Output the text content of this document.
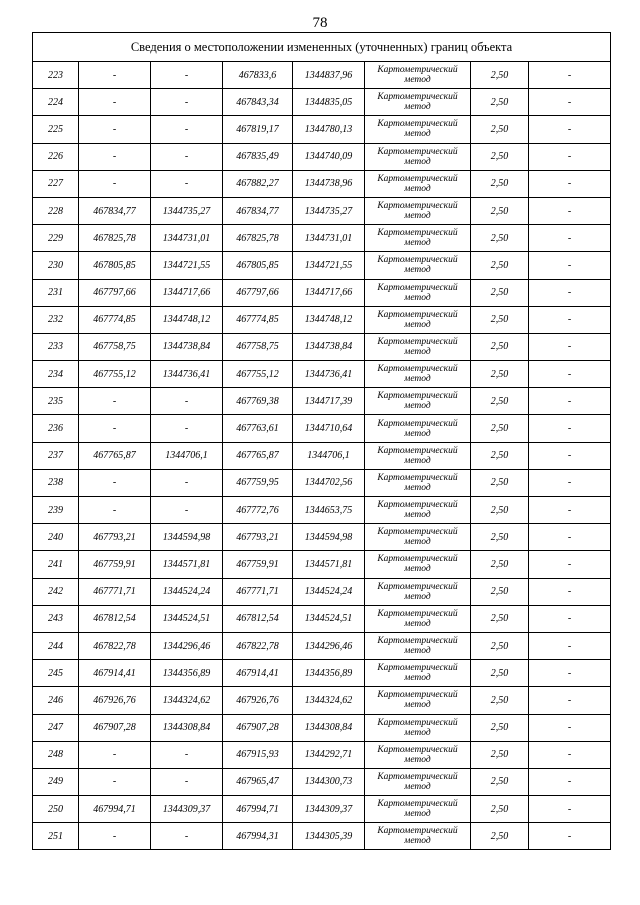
78
Сведения о местоположении измененных (уточненных) границ объекта							
223	-	-	467833,6	1344837,96	Картометрический метод	2,50	-
224	-	-	467843,34	1344835,05	Картометрический метод	2,50	-
225	-	-	467819,17	1344780,13	Картометрический метод	2,50	-
226	-	-	467835,49	1344740,09	Картометрический метод	2,50	-
227	-	-	467882,27	1344738,96	Картометрический метод	2,50	-
228	467834,77	1344735,27	467834,77	1344735,27	Картометрический метод	2,50	-
229	467825,78	1344731,01	467825,78	1344731,01	Картометрический метод	2,50	-
230	467805,85	1344721,55	467805,85	1344721,55	Картометрический метод	2,50	-
231	467797,66	1344717,66	467797,66	1344717,66	Картометрический метод	2,50	-
232	467774,85	1344748,12	467774,85	1344748,12	Картометрический метод	2,50	-
233	467758,75	1344738,84	467758,75	1344738,84	Картометрический метод	2,50	-
234	467755,12	1344736,41	467755,12	1344736,41	Картометрический метод	2,50	-
235	-	-	467769,38	1344717,39	Картометрический метод	2,50	-
236	-	-	467763,61	1344710,64	Картометрический метод	2,50	-
237	467765,87	1344706,1	467765,87	1344706,1	Картометрический метод	2,50	-
238	-	-	467759,95	1344702,56	Картометрический метод	2,50	-
239	-	-	467772,76	1344653,75	Картометрический метод	2,50	-
240	467793,21	1344594,98	467793,21	1344594,98	Картометрический метод	2,50	-
241	467759,91	1344571,81	467759,91	1344571,81	Картометрический метод	2,50	-
242	467771,71	1344524,24	467771,71	1344524,24	Картометрический метод	2,50	-
243	467812,54	1344524,51	467812,54	1344524,51	Картометрический метод	2,50	-
244	467822,78	1344296,46	467822,78	1344296,46	Картометрический метод	2,50	-
245	467914,41	1344356,89	467914,41	1344356,89	Картометрический метод	2,50	-
246	467926,76	1344324,62	467926,76	1344324,62	Картометрический метод	2,50	-
247	467907,28	1344308,84	467907,28	1344308,84	Картометрический метод	2,50	-
248	-	-	467915,93	1344292,71	Картометрический метод	2,50	-
249	-	-	467965,47	1344300,73	Картометрический метод	2,50	-
250	467994,71	1344309,37	467994,71	1344309,37	Картометрический метод	2,50	-
251	-	-	467994,31	1344305,39	Картометрический метод	2,50	-
